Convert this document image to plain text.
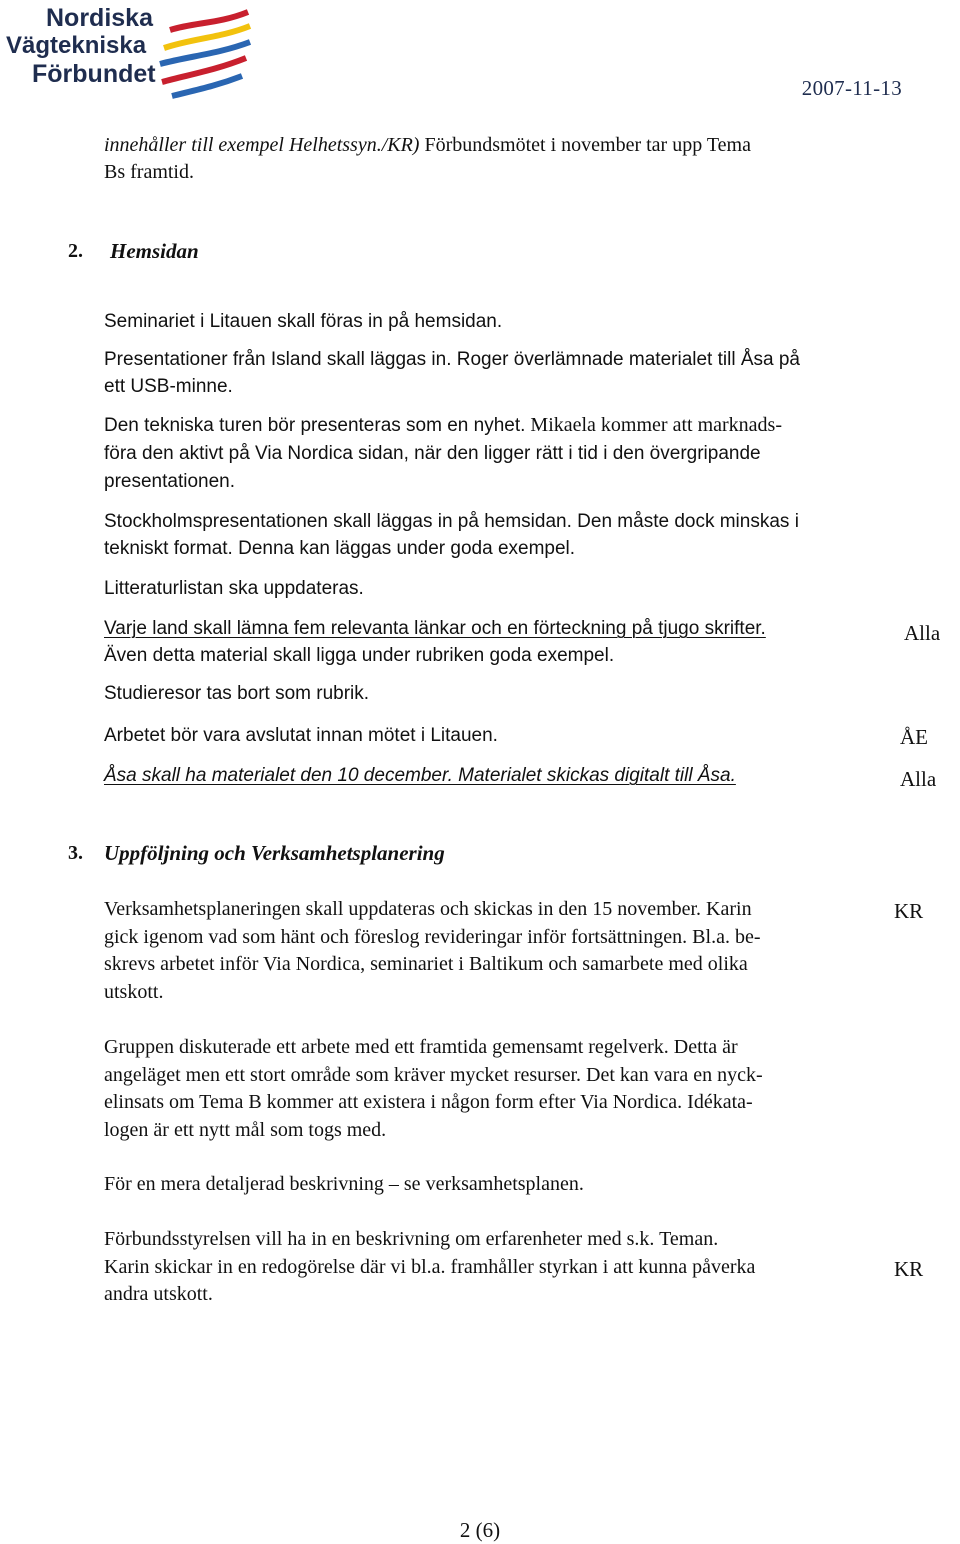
Nordiska
Vägtekniska
Förbundet	2007-11-13
innehåller till exempel Helhetssyn./KR) Förbundsmötet i november tar upp Tema
Bs framtid.
2. Hemsidan
Seminariet i Litauen skall föras in på hemsidan.
Presentationer från Island skall läggas in. Roger överlämnade materialet till Åsa på
ett USB-minne.
Den tekniska turen bör presenteras som en nyhet. Mikaela kommer att marknads-
föra den aktivt på Via Nordica sidan, när den ligger rätt i tid i den övergripande
presentationen.
Stockholmspresentationen skall läggas in på hemsidan. Den måste dock minskas i
tekniskt format. Denna kan läggas under goda exempel.
Litteraturlistan ska uppdateras.
Varje land skall lämna fem relevanta länkar och en förteckning på tjugo skrifter.
Även detta material skall ligga under rubriken goda exempel.
Studieresor tas bort som rubrik.
Arbetet bör vara avslutat innan mötet i Litauen.
Åsa skall ha materialet den 10 december. Materialet skickas digitalt till Åsa.
Alla
ÅE
Alla
3. Uppföljning och Verksamhetsplanering
Verksamhetsplaneringen skall uppdateras och skickas in den 15 november. Karin
gick igenom vad som hänt och föreslog revideringar inför fortsättningen. Bl.a. be-
skrevs arbetet inför Via Nordica, seminariet i Baltikum och samarbete med olika
utskott.
KR
Gruppen diskuterade ett arbete med ett framtida gemensamt regelverk. Detta är
angeläget men ett stort område som kräver mycket resurser. Det kan vara en nyck-
elinsats om Tema B kommer att existera i någon form efter Via Nordica. Idékata-
logen är ett nytt mål som togs med.
För en mera detaljerad beskrivning – se verksamhetsplanen.
Förbundsstyrelsen vill ha in en beskrivning om erfarenheter med s.k. Teman.
Karin skickar in en redogörelse där vi bl.a. framhåller styrkan i att kunna påverka
andra utskott.
KR
2 (6)
